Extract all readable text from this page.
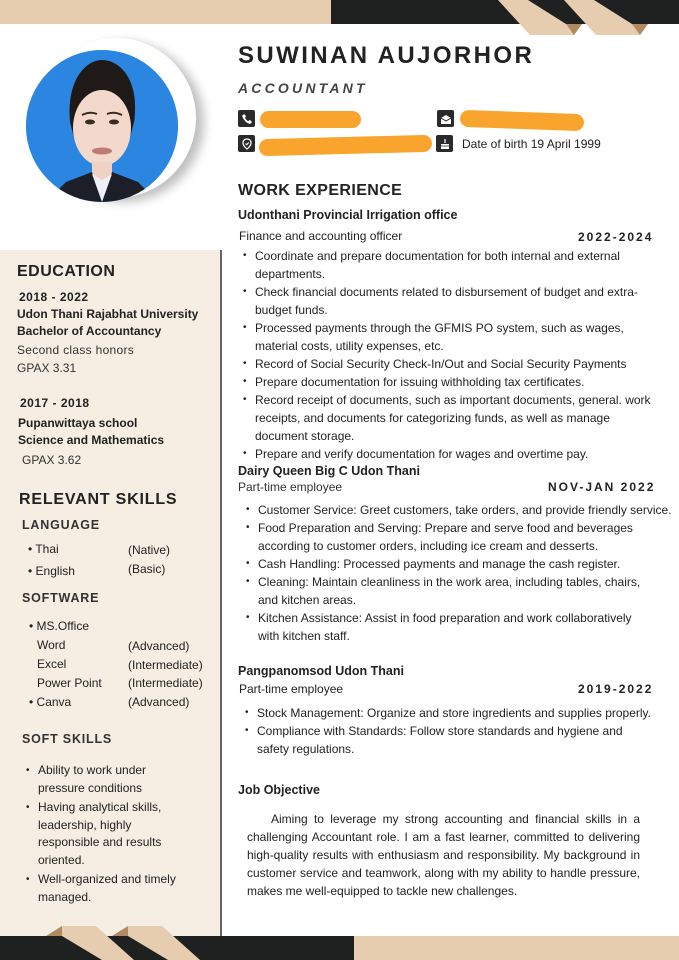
SUWINAN AUJORHOR
ACCOUNTANT
Date of birth 19 April 1999
EDUCATION
2018 - 2022
Udon Thani Rajabhat University
Bachelor of Accountancy
Second class honors
GPAX 3.31
2017 - 2018
Pupanwittaya school
Science and Mathematics
GPAX 3.62
RELEVANT SKILLS
LANGUAGE
• Thai	(Native)
• English	(Basic)
SOFTWARE
• MS.Office
Word	(Advanced)
Excel	(Intermediate)
Power Point (Intermediate)
• Canva	(Advanced)
SOFT SKILLS
• Ability to work under pressure conditions
• Having analytical skills, leadership, highly responsible and results oriented.
• Well-organized and timely managed.
WORK EXPERIENCE
Udonthani Provincial Irrigation office
Finance and accounting officer	2022-2024
• Coordinate and prepare documentation for both internal and external departments.
• Check financial documents related to disbursement of budget and extra-budget funds.
• Processed payments through the GFMIS PO system, such as wages, material costs, utility expenses, etc.
• Record of Social Security Check-In/Out and Social Security Payments
• Prepare documentation for issuing withholding tax certificates.
• Record receipt of documents, such as important documents, general. work receipts, and documents for categorizing funds, as well as manage document storage.
• Prepare and verify documentation for wages and overtime pay.
Dairy Queen Big C Udon Thani
Part-time employee	NOV-JAN 2022
• Customer Service: Greet customers, take orders, and provide friendly service.
• Food Preparation and Serving: Prepare and serve food and beverages according to customer orders, including ice cream and desserts.
• Cash Handling: Processed payments and manage the cash register.
• Cleaning: Maintain cleanliness in the work area, including tables, chairs, and kitchen areas.
• Kitchen Assistance: Assist in food preparation and work collaboratively with kitchen staff.
Pangpanomsod Udon Thani
Part-time employee	2019-2022
• Stock Management: Organize and store ingredients and supplies properly.
• Compliance with Standards: Follow store standards and hygiene and safety regulations.
Job Objective

Aiming to leverage my strong accounting and financial skills in a challenging Accountant role. I am a fast learner, committed to delivering high-quality results with enthusiasm and responsibility. My background in customer service and teamwork, along with my ability to handle pressure, makes me well-equipped to tackle new challenges.
